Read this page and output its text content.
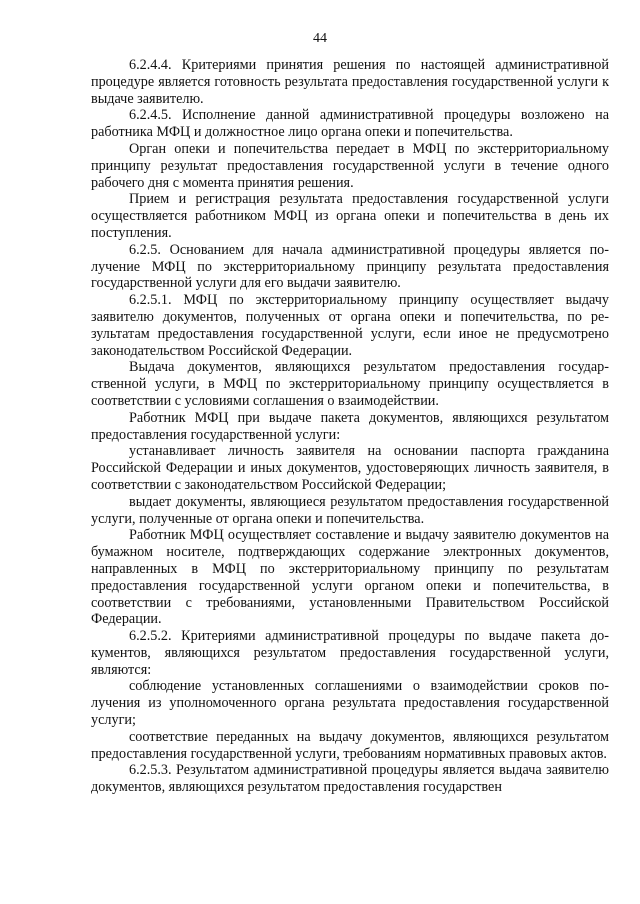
44

6.2.4.4. Критериями принятия решения по настоящей административной процедуре является готовность результата предоставления государственной услуги к выдаче заявителю.

6.2.4.5. Исполнение данной административной процедуры возложено на работника МФЦ и должностное лицо органа опеки и попечительства.

Орган опеки и попечительства передает в МФЦ по экстерриториальному принципу результат предоставления государственной услуги в течение одного рабочего дня с момента принятия решения.

Прием и регистрация результата предоставления государственной услуги осуществляется работником МФЦ из органа опеки и попечительства в день их поступления.

6.2.5. Основанием для начала административной процедуры является получение МФЦ по экстерриториальному принципу результата предоставления государственной услуги для его выдачи заявителю.

6.2.5.1. МФЦ по экстерриториальному принципу осуществляет выдачу заявителю документов, полученных от органа опеки и попечительства, по результатам предоставления государственной услуги, если иное не предусмотрено законодательством Российской Федерации.

Выдача документов, являющихся результатом предоставления государственной услуги, в МФЦ по экстерриториальному принципу осуществляется в соответствии с условиями соглашения о взаимодействии.

Работник МФЦ при выдаче пакета документов, являющихся результатом предоставления государственной услуги:

устанавливает личность заявителя на основании паспорта гражданина Российской Федерации и иных документов, удостоверяющих личность заявителя, в соответствии с законодательством Российской Федерации;

выдает документы, являющиеся результатом предоставления государственной услуги, полученные от органа опеки и попечительства.

Работник МФЦ осуществляет составление и выдачу заявителю документов на бумажном носителе, подтверждающих содержание электронных документов, направленных в МФЦ по экстерриториальному принципу по результатам предоставления государственной услуги органом опеки и попечительства, в соответствии с требованиями, установленными Правительством Российской Федерации.

6.2.5.2. Критериями административной процедуры по выдаче пакета документов, являющихся результатом предоставления государственной услуги, являются:

соблюдение установленных соглашениями о взаимодействии сроков получения из уполномоченного органа результата предоставления государственной услуги;

соответствие переданных на выдачу документов, являющихся результатом предоставления государственной услуги, требованиям нормативных правовых актов.

6.2.5.3. Результатом административной процедуры является выдача заявителю документов, являющихся результатом предоставления государствен
